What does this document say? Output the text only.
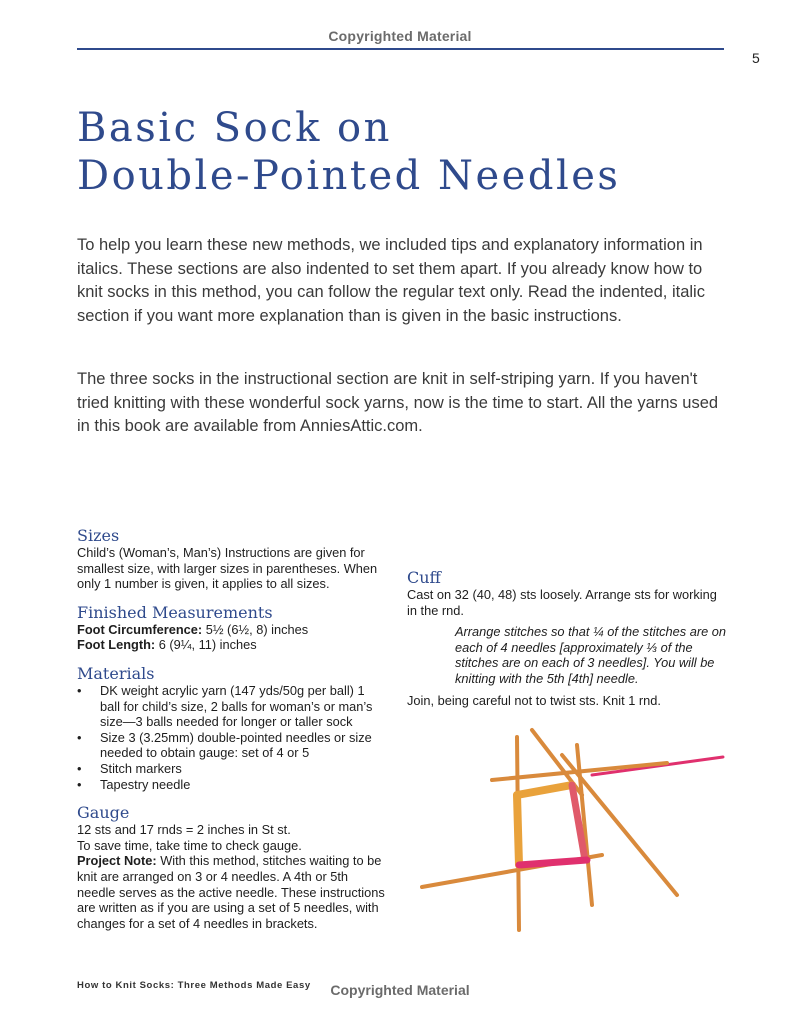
Copyrighted Material
5
Basic Sock on
Double-Pointed Needles

To help you learn these new methods, we included tips and explanatory information in italics. These sections are also indented to set them apart. If you already know how to knit socks in this method, you can follow the regular text only. Read the indented, italic section if you want more explanation than is given in the basic instructions.

The three socks in the instructional section are knit in self-striping yarn. If you haven't tried knitting with these wonderful sock yarns, now is the time to start. All the yarns used in this book are available from AnniesAttic.com.

Sizes

Child’s (Woman’s, Man’s) Instructions are given for smallest size, with larger sizes in parentheses. When only 1 number is given, it applies to all sizes.

Finished Measurements

Foot Circumference: 5½ (6½, 8) inches

Foot Length: 6 (9¼, 11) inches

Materials
• DK weight acrylic yarn (147 yds/50g per ball) 1 ball for child’s size, 2 balls for woman’s or man’s size—3 balls needed for longer or taller sock
• Size 3 (3.25mm) double-pointed needles or size needed to obtain gauge: set of 4 or 5
• Stitch markers
• Tapestry needle
Gauge

12 sts and 17 rnds = 2 inches in St st.

To save time, take time to check gauge.

Project Note: With this method, stitches waiting to be knit are arranged on 3 or 4 needles. A 4th or 5th needle serves as the active needle. These instructions are written as if you are using a set of 5 needles, with changes for a set of 4 needles in brackets.

Cuff

Cast on 32 (40, 48) sts loosely. Arrange sts for working in the rnd.

Arrange stitches so that ¼ of the stitches are on each of 4 needles [approximately ⅓ of the stitches are on each of 3 needles]. You will be knitting with the 5th [4th] needle.

Join, being careful not to twist sts. Knit 1 rnd.

How to Knit Socks: Three Methods Made Easy	Copyrighted Material
